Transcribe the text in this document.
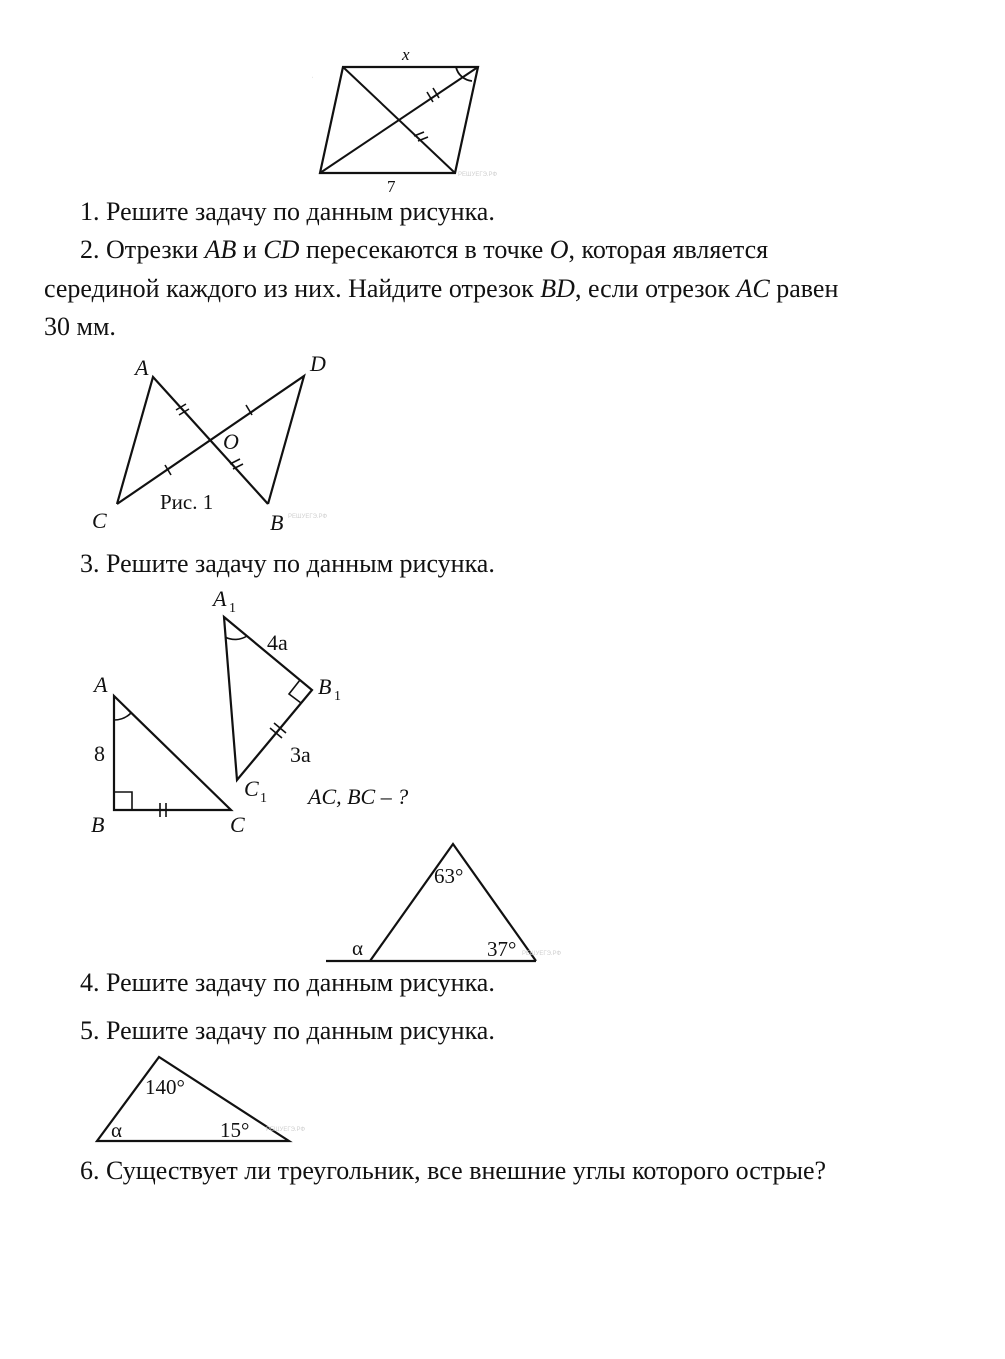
x
7
РЕШУЕГЭ.РФ
1. Решите задачу по данным рисунка.
2. Отрезки AB и CD пересекаются в точке O, которая является
серединой каждого из них. Найдите отрезок BD, если отрезок AC равен
30 мм.
A	D
O
C	B
Рис. 1
РЕШУЕГЭ.РФ
3. Решите задачу по данным рисунка.
A 1
4a
B 1
3a
C 1
A
8
B	C
AC, BC – ?
63°
α	37° РЕШУЕГЭ.РФ
4. Решите задачу по данным рисунка.
5. Решите задачу по данным рисунка.
140°
α	15°	РЕШУЕГЭ.РФ
6. Существует ли треугольник, все внешние углы которого острые?
